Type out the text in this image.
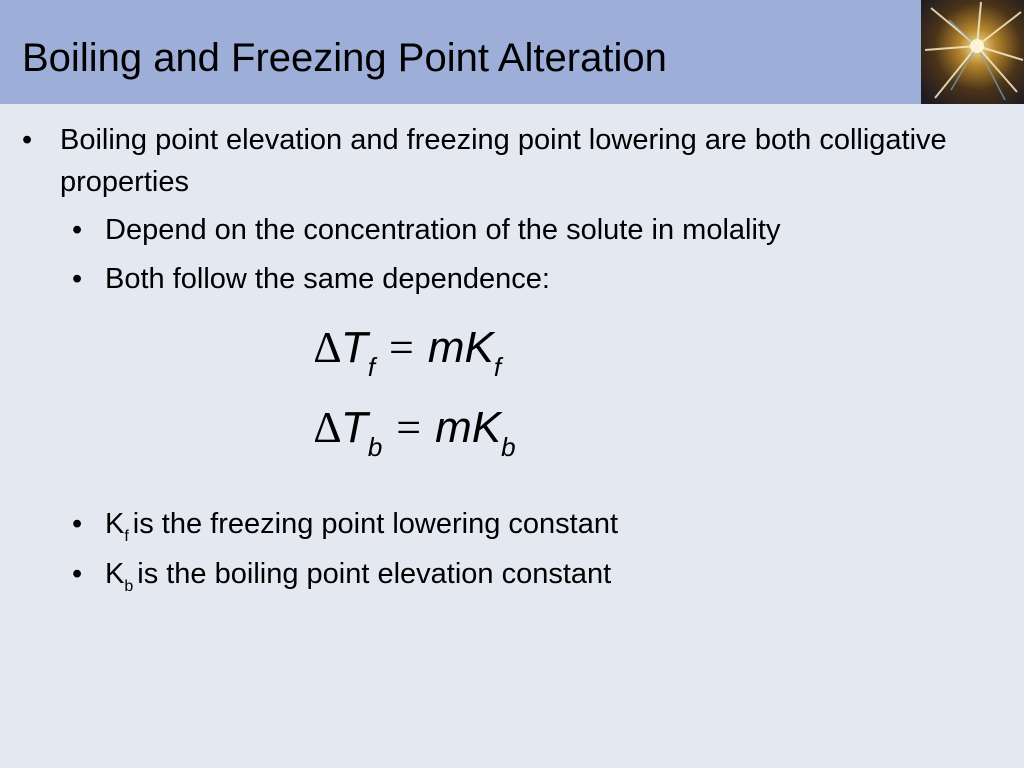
Boiling and Freezing Point Alteration
• Boiling point elevation and freezing point lowering are both colligative properties
• Depend on the concentration of the solute in molality
• Both follow the same dependence:
$\Delta T_f = mK_f$
$\Delta T_b = mK_b$
• $K_f$ is the freezing point lowering constant
• $K_b$ is the boiling point elevation constant
